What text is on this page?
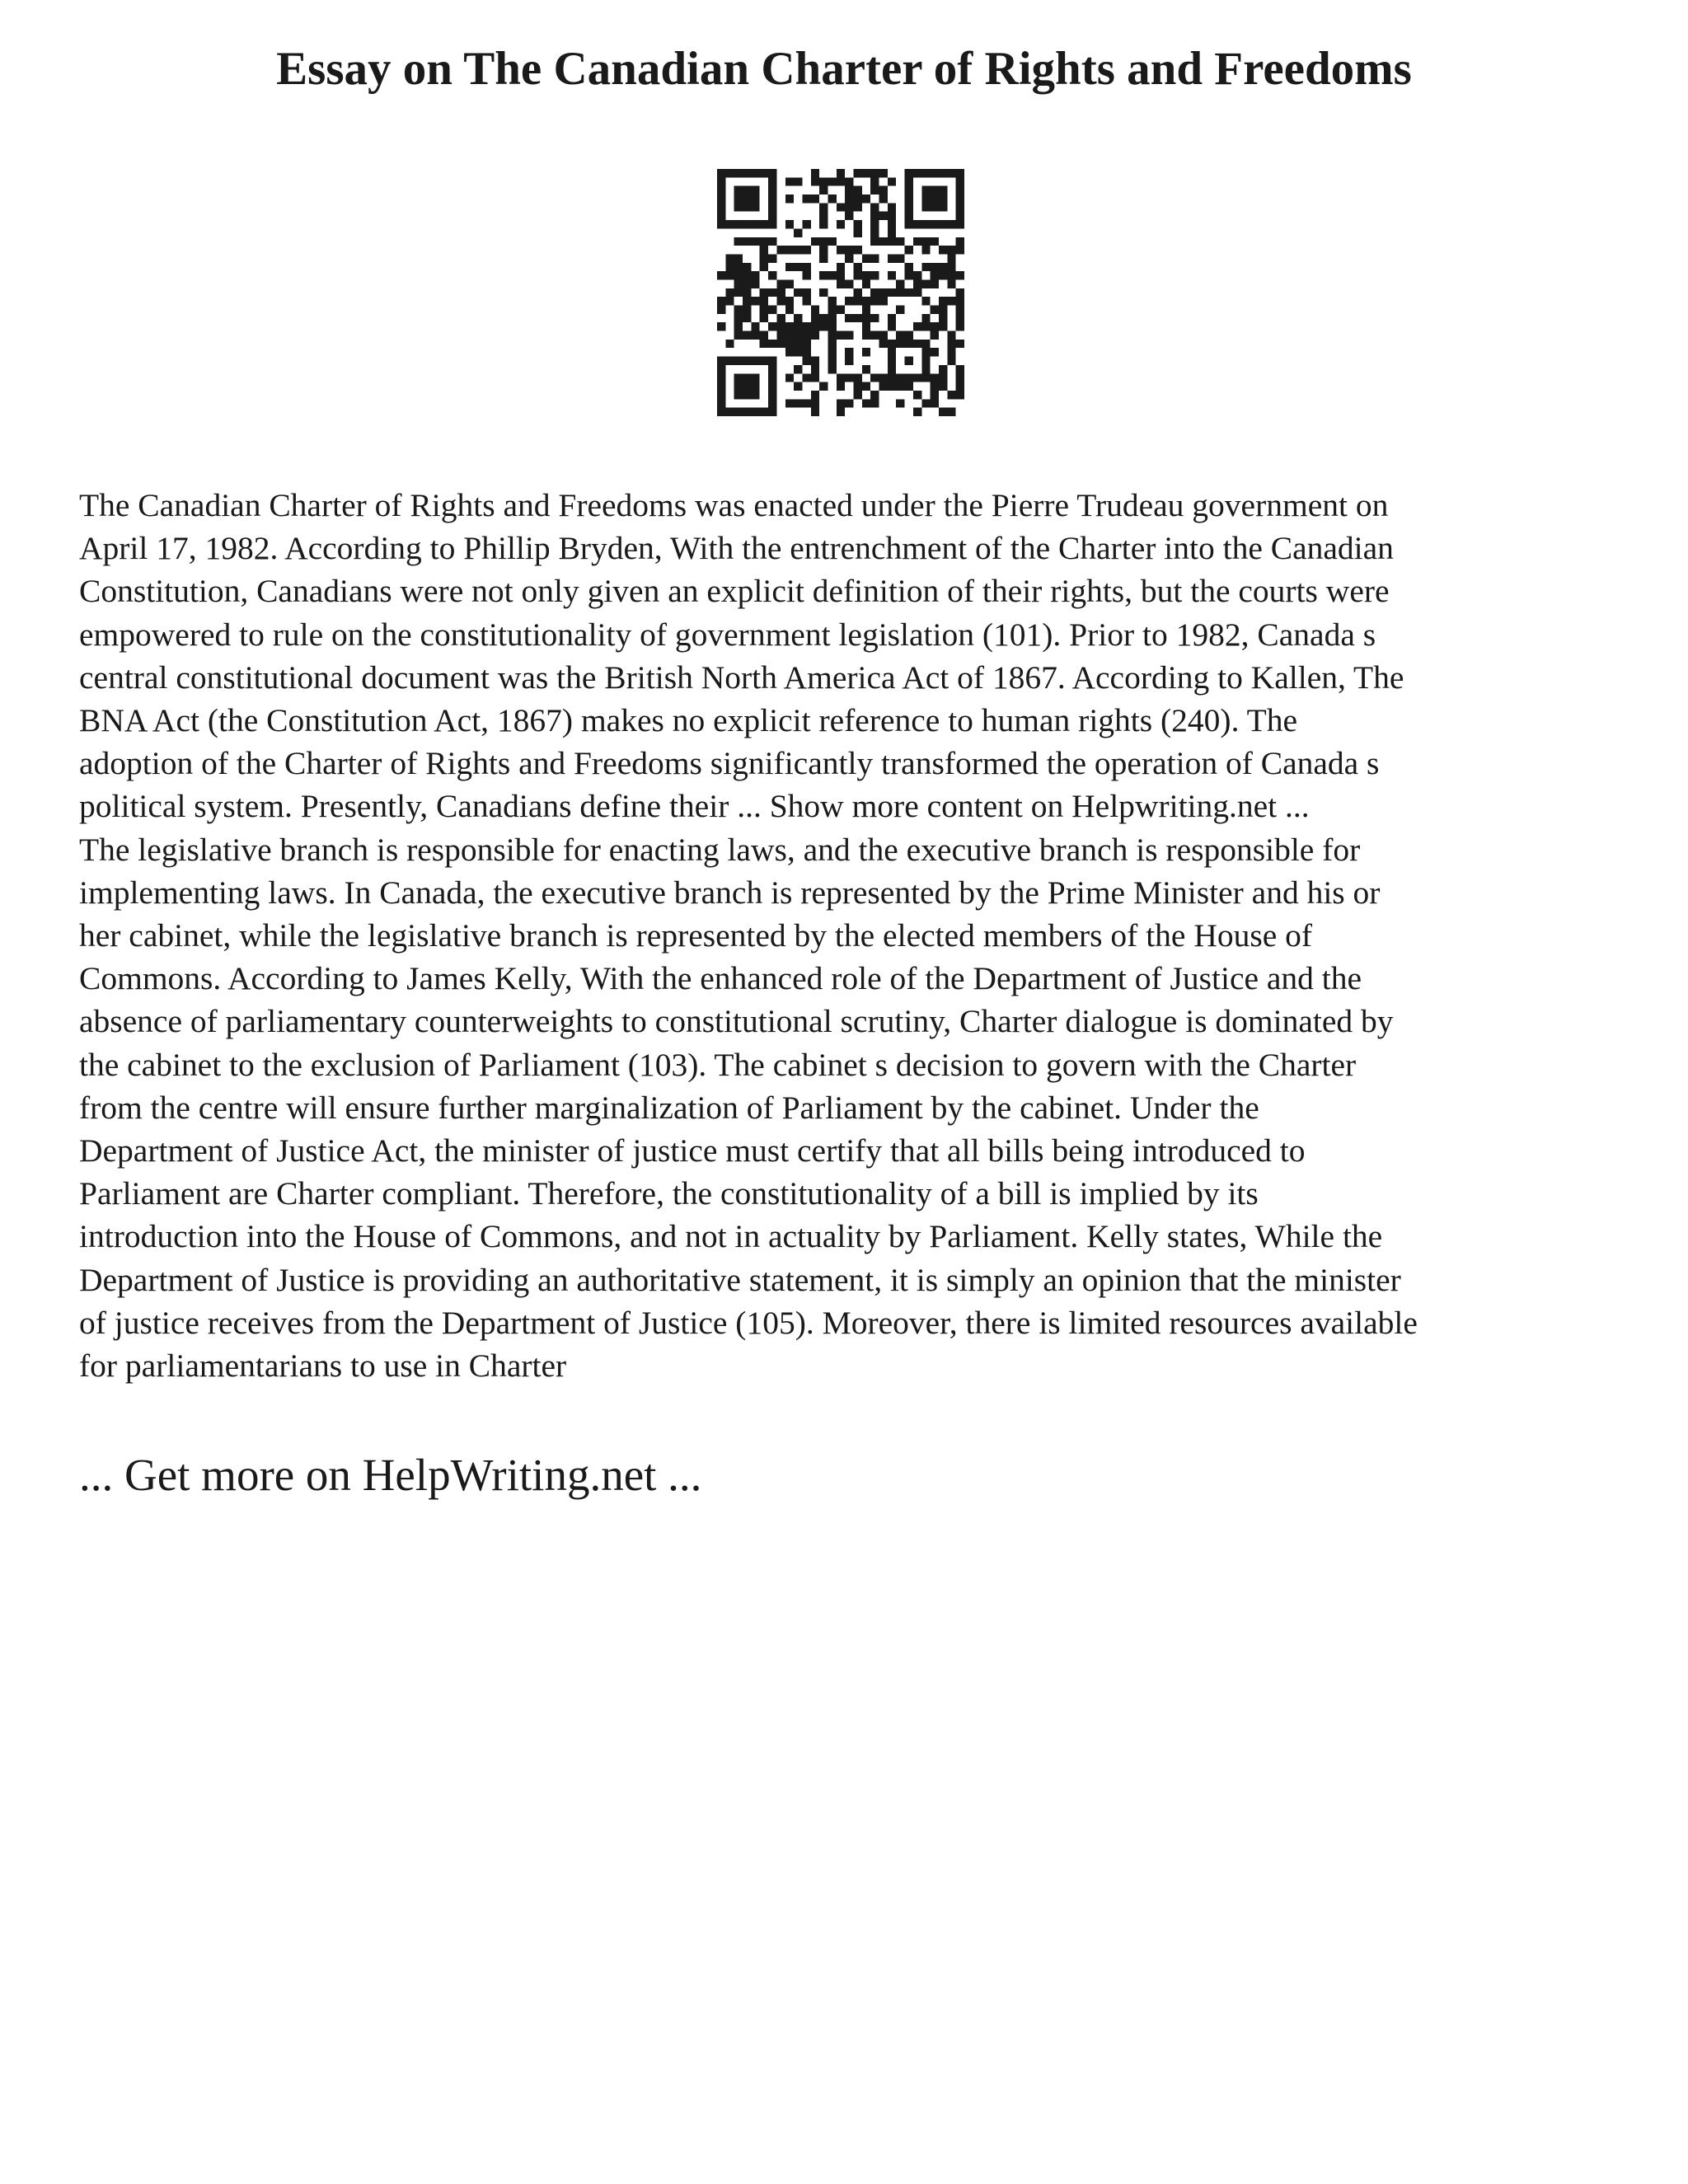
Essay on The Canadian Charter of Rights and Freedoms
The Canadian Charter of Rights and Freedoms was enacted under the Pierre Trudeau government on
April 17, 1982. According to Phillip Bryden, With the entrenchment of the Charter into the Canadian
Constitution, Canadians were not only given an explicit definition of their rights, but the courts were
empowered to rule on the constitutionality of government legislation (101). Prior to 1982, Canada s
central constitutional document was the British North America Act of 1867. According to Kallen, The
BNA Act (the Constitution Act, 1867) makes no explicit reference to human rights (240). The
adoption of the Charter of Rights and Freedoms significantly transformed the operation of Canada s
political system. Presently, Canadians define their ... Show more content on Helpwriting.net ...
The legislative branch is responsible for enacting laws, and the executive branch is responsible for
implementing laws. In Canada, the executive branch is represented by the Prime Minister and his or
her cabinet, while the legislative branch is represented by the elected members of the House of
Commons. According to James Kelly, With the enhanced role of the Department of Justice and the
absence of parliamentary counterweights to constitutional scrutiny, Charter dialogue is dominated by
the cabinet to the exclusion of Parliament (103). The cabinet s decision to govern with the Charter
from the centre will ensure further marginalization of Parliament by the cabinet. Under the
Department of Justice Act, the minister of justice must certify that all bills being introduced to
Parliament are Charter compliant. Therefore, the constitutionality of a bill is implied by its
introduction into the House of Commons, and not in actuality by Parliament. Kelly states, While the
Department of Justice is providing an authoritative statement, it is simply an opinion that the minister
of justice receives from the Department of Justice (105). Moreover, there is limited resources available
for parliamentarians to use in Charter

... Get more on HelpWriting.net ...
